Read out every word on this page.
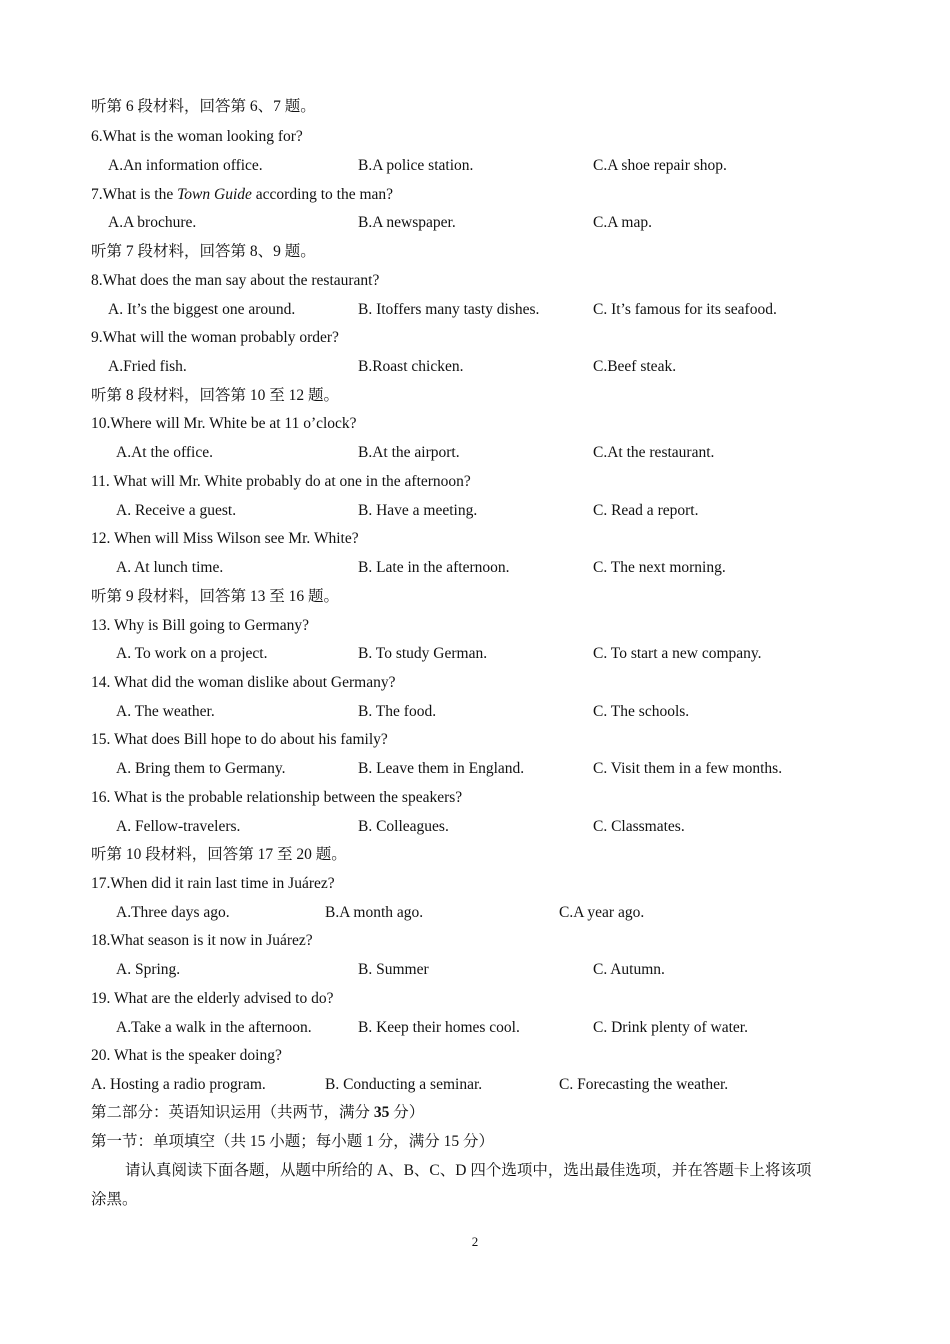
听第 6 段材料，回答第 6、7 题。
6.What is the woman looking for?
A.An information office.	B.A police station.	C.A shoe repair shop.
7.What is the Town Guide according to the man?
A.A brochure.	B.A newspaper.	C.A map.
听第 7 段材料，回答第 8、9 题。
8.What does the man say about the restaurant?
A. It’s the biggest one around.	B. Itoffers many tasty dishes.	C. It’s famous for its seafood.
9.What will the woman probably order?
A.Fried fish.	B.Roast chicken.	C.Beef steak.
听第 8 段材料，回答第 10 至 12 题。
10.Where will Mr. White be at 11 o’clock?
A.At the office.	B.At the airport.	C.At the restaurant.
11. What will Mr. White probably do at one in the afternoon?
A. Receive a guest.	B. Have a meeting.	C. Read a report.
12. When will Miss Wilson see Mr. White?
A. At lunch time.	B. Late in the afternoon.	C. The next morning.
听第 9 段材料，回答第 13 至 16 题。
13. Why is Bill going to Germany?
A. To work on a project.	B. To study German.	C. To start a new company.
14. What did the woman dislike about Germany?
A. The weather.	B. The food.	C. The schools.
15. What does Bill hope to do about his family?
A. Bring them to Germany.	B. Leave them in England.	C. Visit them in a few months.
16. What is the probable relationship between the speakers?
A. Fellow-travelers.	B. Colleagues.	C. Classmates.
听第 10 段材料，回答第 17 至 20 题。
17.When did it rain last time in Juárez?
A.Three days ago.	B.A month ago.	C.A year ago.
18.What season is it now in Juárez?
A. Spring.	B. Summer	C. Autumn.
19. What are the elderly advised to do?
A.Take a walk in the afternoon.	B. Keep their homes cool.	C. Drink plenty of water.
20. What is the speaker doing?
A. Hosting a radio program.	B. Conducting a seminar.	C. Forecasting the weather.
第二部分：英语知识运用（共两节，满分 35 分）
第一节：单项填空（共 15 小题；每小题 1 分，满分 15 分）
请认真阅读下面各题，从题中所给的 A、B、C、D 四个选项中，选出最佳选项，并在答题卡上将该项
涂黑。
2
